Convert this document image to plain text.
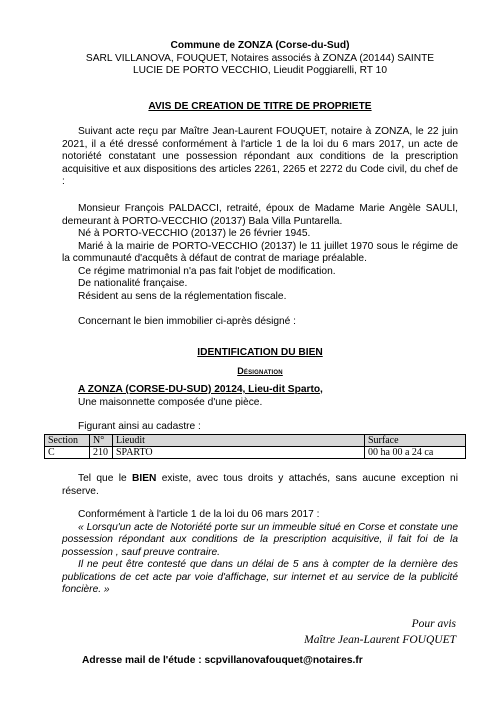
Commune de ZONZA (Corse-du-Sud)

SARL VILLANOVA, FOUQUET, Notaires associés à ZONZA (20144) SAINTE

LUCIE DE PORTO VECCHIO, Lieudit Poggiarelli, RT 10

AVIS DE CREATION DE TITRE DE PROPRIETE
Suivant acte reçu par Maître Jean-Laurent FOUQUET, notaire à ZONZA, le 22 juin 2021, il a été dressé conformément à l'article 1 de la loi du 6 mars 2017, un acte de notoriété constatant une possession répondant aux conditions de la prescription acquisitive et aux dispositions des articles 2261, 2265 et 2272 du Code civil, du chef de :

Monsieur François PALDACCI, retraité, époux de Madame Marie Angèle SAULI, demeurant à PORTO-VECCHIO (20137) Bala Villa Puntarella.

Né à PORTO-VECCHIO (20137) le 26 février 1945.

Marié à la mairie de PORTO-VECCHIO (20137) le 11 juillet 1970 sous le régime de la communauté d'acquêts à défaut de contrat de mariage préalable.

Ce régime matrimonial n'a pas fait l'objet de modification.

De nationalité française.

Résident au sens de la réglementation fiscale.

Concernant le bien immobilier ci-après désigné :
IDENTIFICATION DU BIEN
Désignation

A ZONZA (CORSE-DU-SUD) 20124, Lieu-dit Sparto,

Une maisonnette composée d'une pièce.

Figurant ainsi au cadastre :
Section	N°	Lieudit	Surface
C	210	SPARTO	00 ha 00 a 24 ca
Tel que le BIEN existe, avec tous droits y attachés, sans aucune exception ni réserve.

Conformément à l'article 1 de la loi du 06 mars 2017 :

« Lorsqu'un acte de Notoriété porte sur un immeuble situé en Corse et constate une possession répondant aux conditions de la prescription acquisitive, il fait foi de la possession , sauf preuve contraire.

Il ne peut être contesté que dans un délai de 5 ans à compter de la dernière des publications de cet acte par voie d'affichage, sur internet et au service de la publicité foncière. »

Pour avis

Maître Jean-Laurent FOUQUET

Adresse mail de l'étude : scpvillanovafouquet@notaires.fr
